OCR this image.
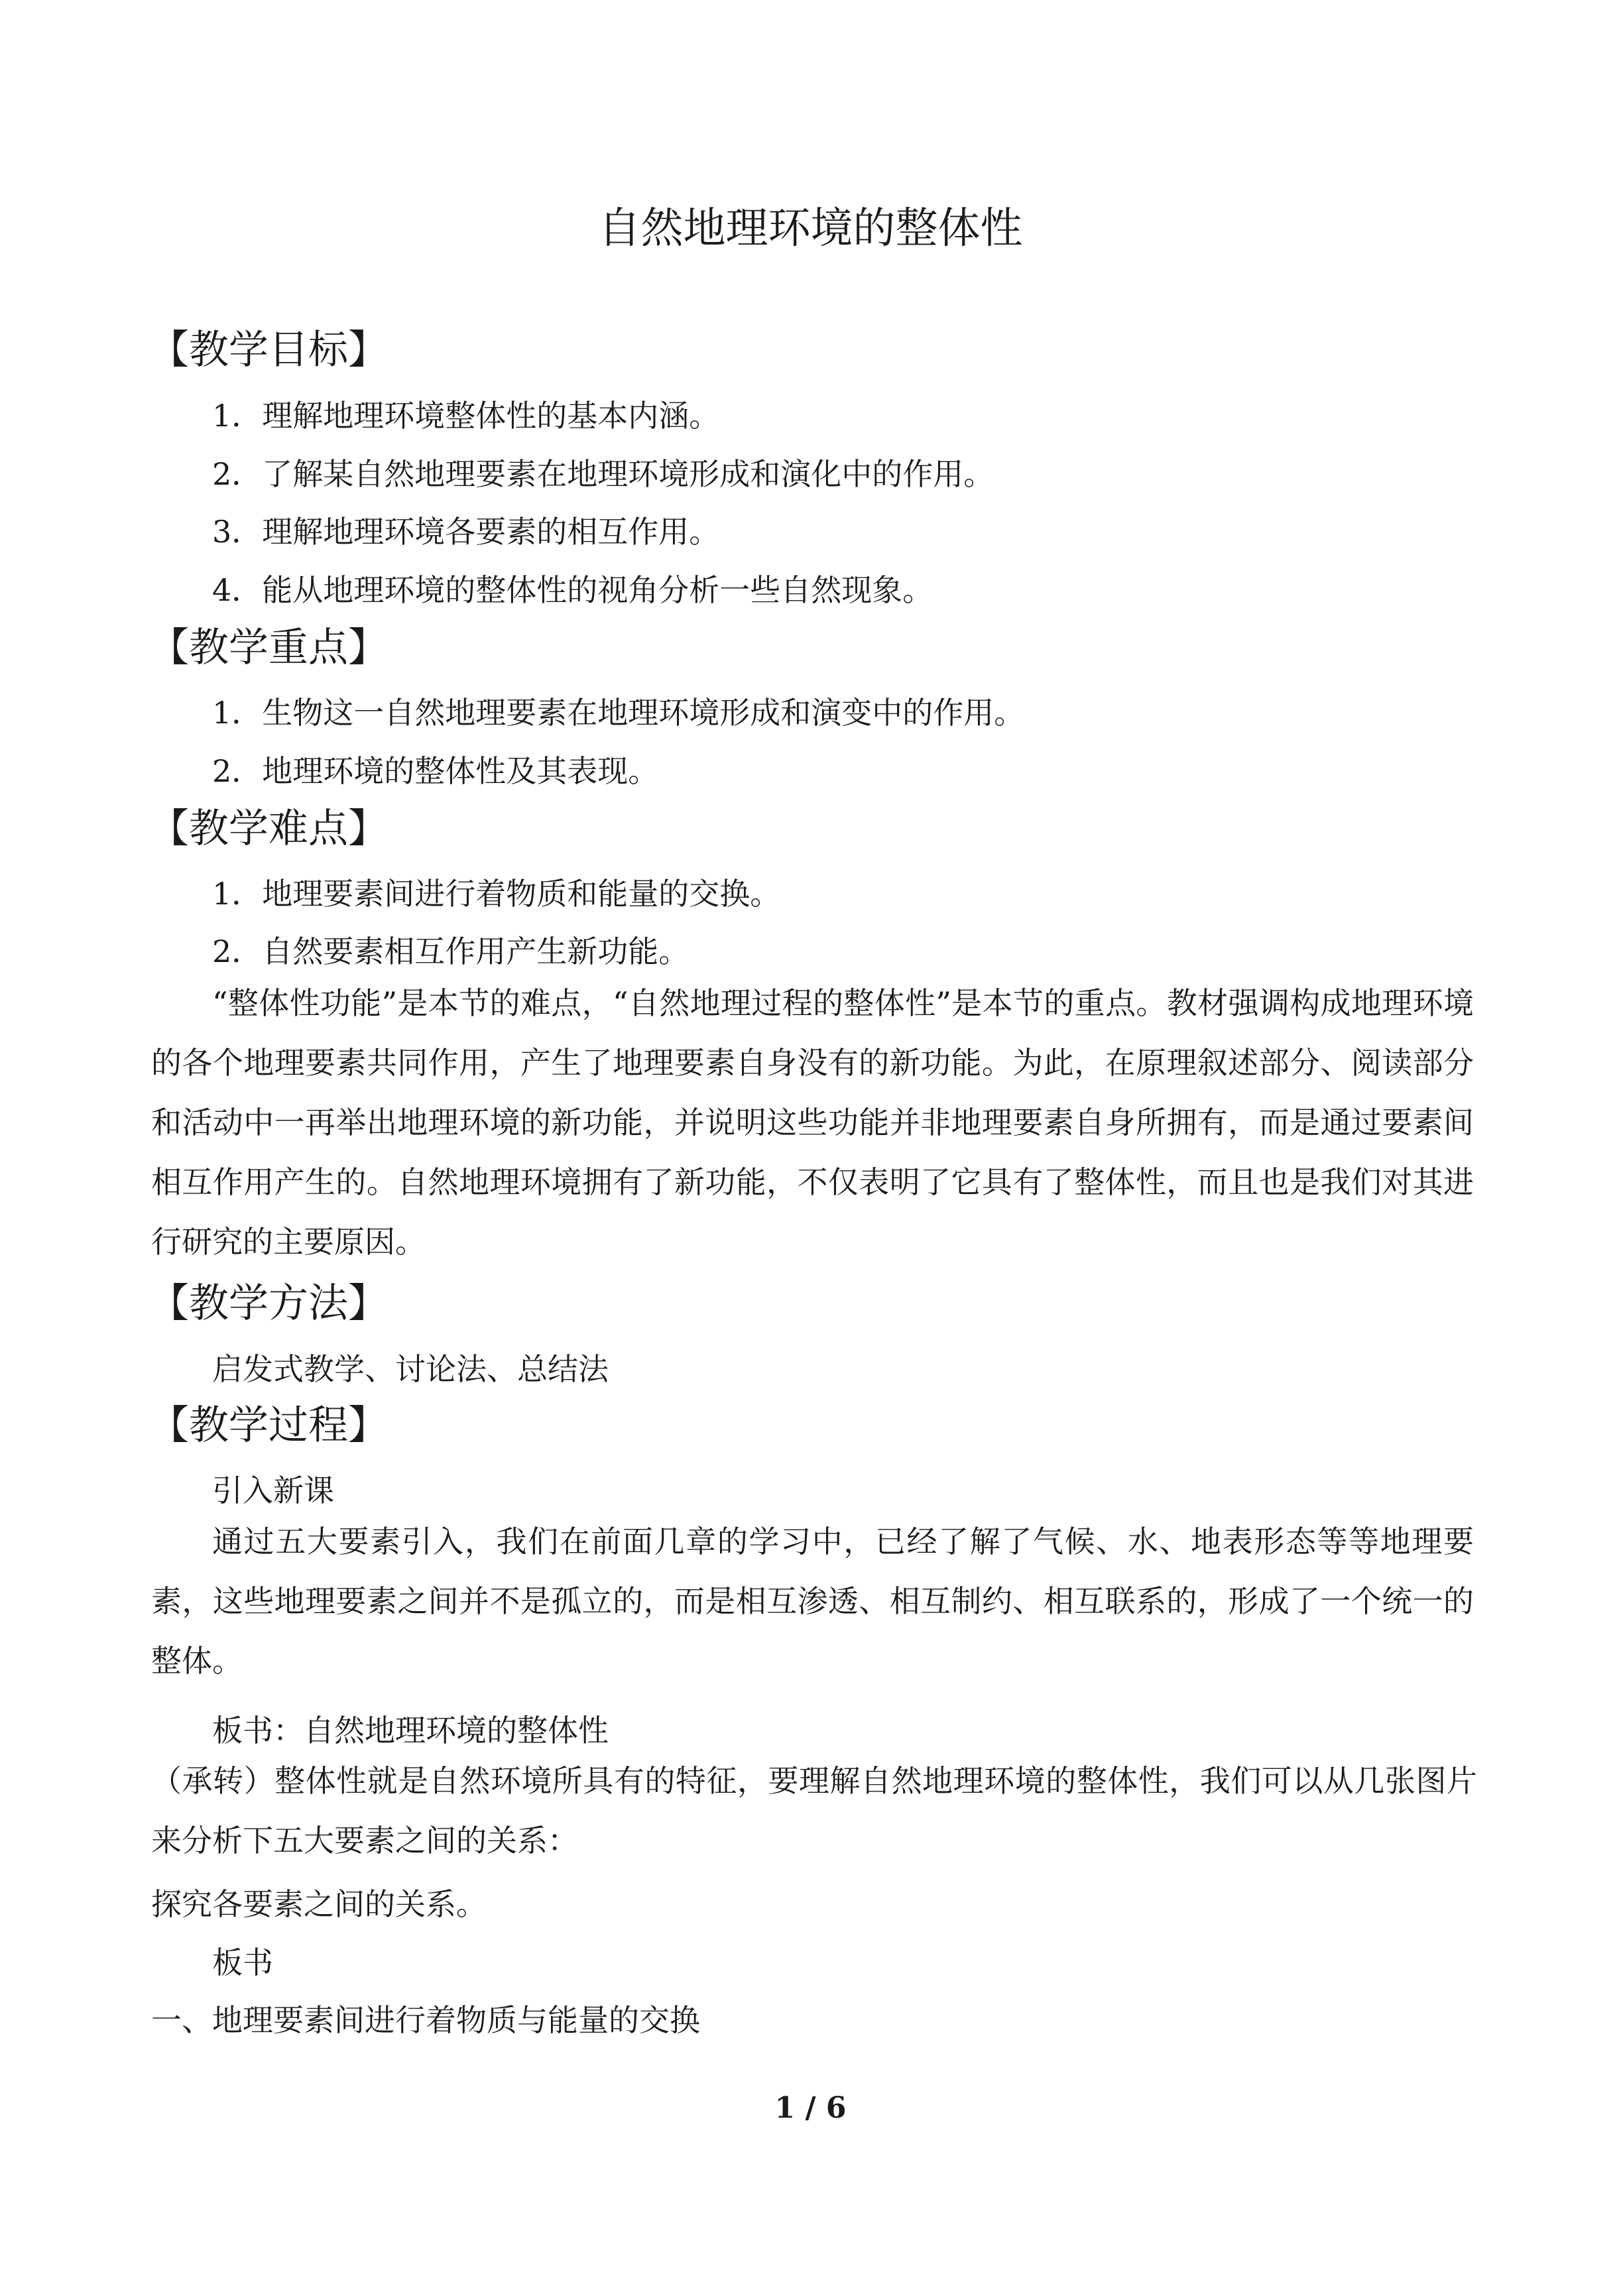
自然地理环境的整体性
【教学目标】
1．理解地理环境整体性的基本内涵。
2．了解某自然地理要素在地理环境形成和演化中的作用。
3．理解地理环境各要素的相互作用。
4．能从地理环境的整体性的视角分析一些自然现象。
【教学重点】
1．生物这一自然地理要素在地理环境形成和演变中的作用。
2．地理环境的整体性及其表现。
【教学难点】
1．地理要素间进行着物质和能量的交换。
2．自然要素相互作用产生新功能。
“整体性功能”是本节的难点，“自然地理过程的整体性”是本节的重点。教材强调构成地理环境的各个地理要素共同作用，产生了地理要素自身没有的新功能。为此，在原理叙述部分、阅读部分和活动中一再举出地理环境的新功能，并说明这些功能并非地理要素自身所拥有，而是通过要素间相互作用产生的。自然地理环境拥有了新功能，不仅表明了它具有了整体性，而且也是我们对其进行研究的主要原因。
【教学方法】
启发式教学、讨论法、总结法
【教学过程】
引入新课
通过五大要素引入，我们在前面几章的学习中，已经了解了气候、水、地表形态等等地理要素，这些地理要素之间并不是孤立的，而是相互渗透、相互制约、相互联系的，形成了一个统一的整体。
板书：自然地理环境的整体性
（承转）整体性就是自然环境所具有的特征，要理解自然地理环境的整体性，我们可以从几张图片来分析下五大要素之间的关系：
探究各要素之间的关系。
板书
一、地理要素间进行着物质与能量的交换
1 / 6
